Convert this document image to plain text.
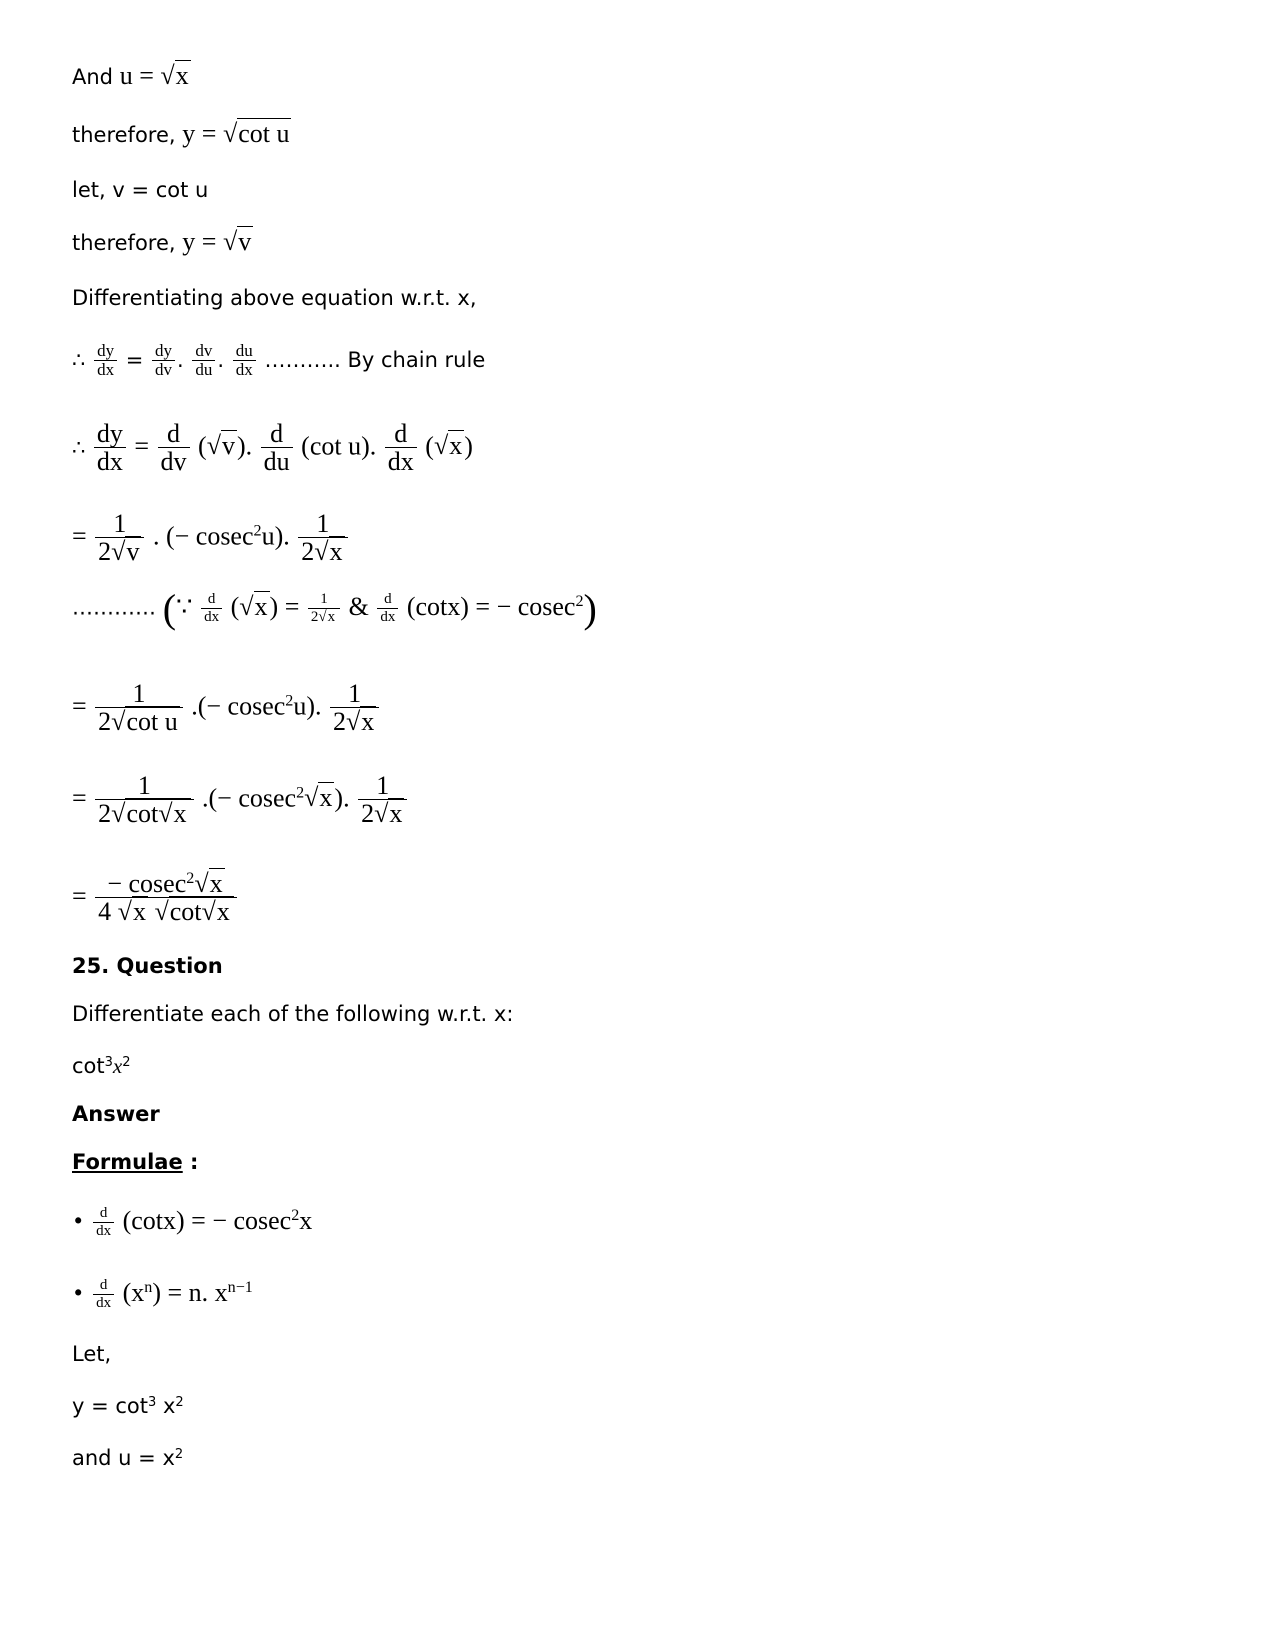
And u = √x
therefore, y = √cot u
let, v = cot u
therefore, y = √v
Differentiating above equation w.r.t. x,
∴ $\frac{dy}{dx} = \frac{dy}{dv}$ . $\frac{dv}{du}$ . $\frac{du}{dx}$ ……….. By chain rule
∴ $\frac{dy}{dx} = \frac{d}{dv} (√v)$. $\frac{d}{du} (\cot$ u). $\frac{d}{dx} (√x)$
= $\frac{1}{2√v}$ . (− cosec$^2$u). $\frac{1}{2√x}$
………… (∵ $\frac{d}{dx} (√x) = \frac{1}{2√x}$ & $\frac{d}{dx} (\cot x)$ = − cosec$^2$)
= $\frac{1}{\text{2√cot u}}$ .(− cosec$^2$u). $\frac{1}{2√x}$
= $\frac{1}{2√\cot√x}$ .(− cosec$^2$√x). $\frac{1}{2√x}$
= $\frac{- cosec^2√x}{4 √x √\cot√x}$
25. Question
Differentiate each of the following w.r.t. x:
$\cot^3x^2$
Answer
Formulae :
• $\frac{d}{dx} (\cot x)$ = − cosec$^2$x
• $\frac{d}{dx} (x^n) = n$. $x^{n-1}$
Let,
$y = \cot^3 x^2$
and $u = x^2$
